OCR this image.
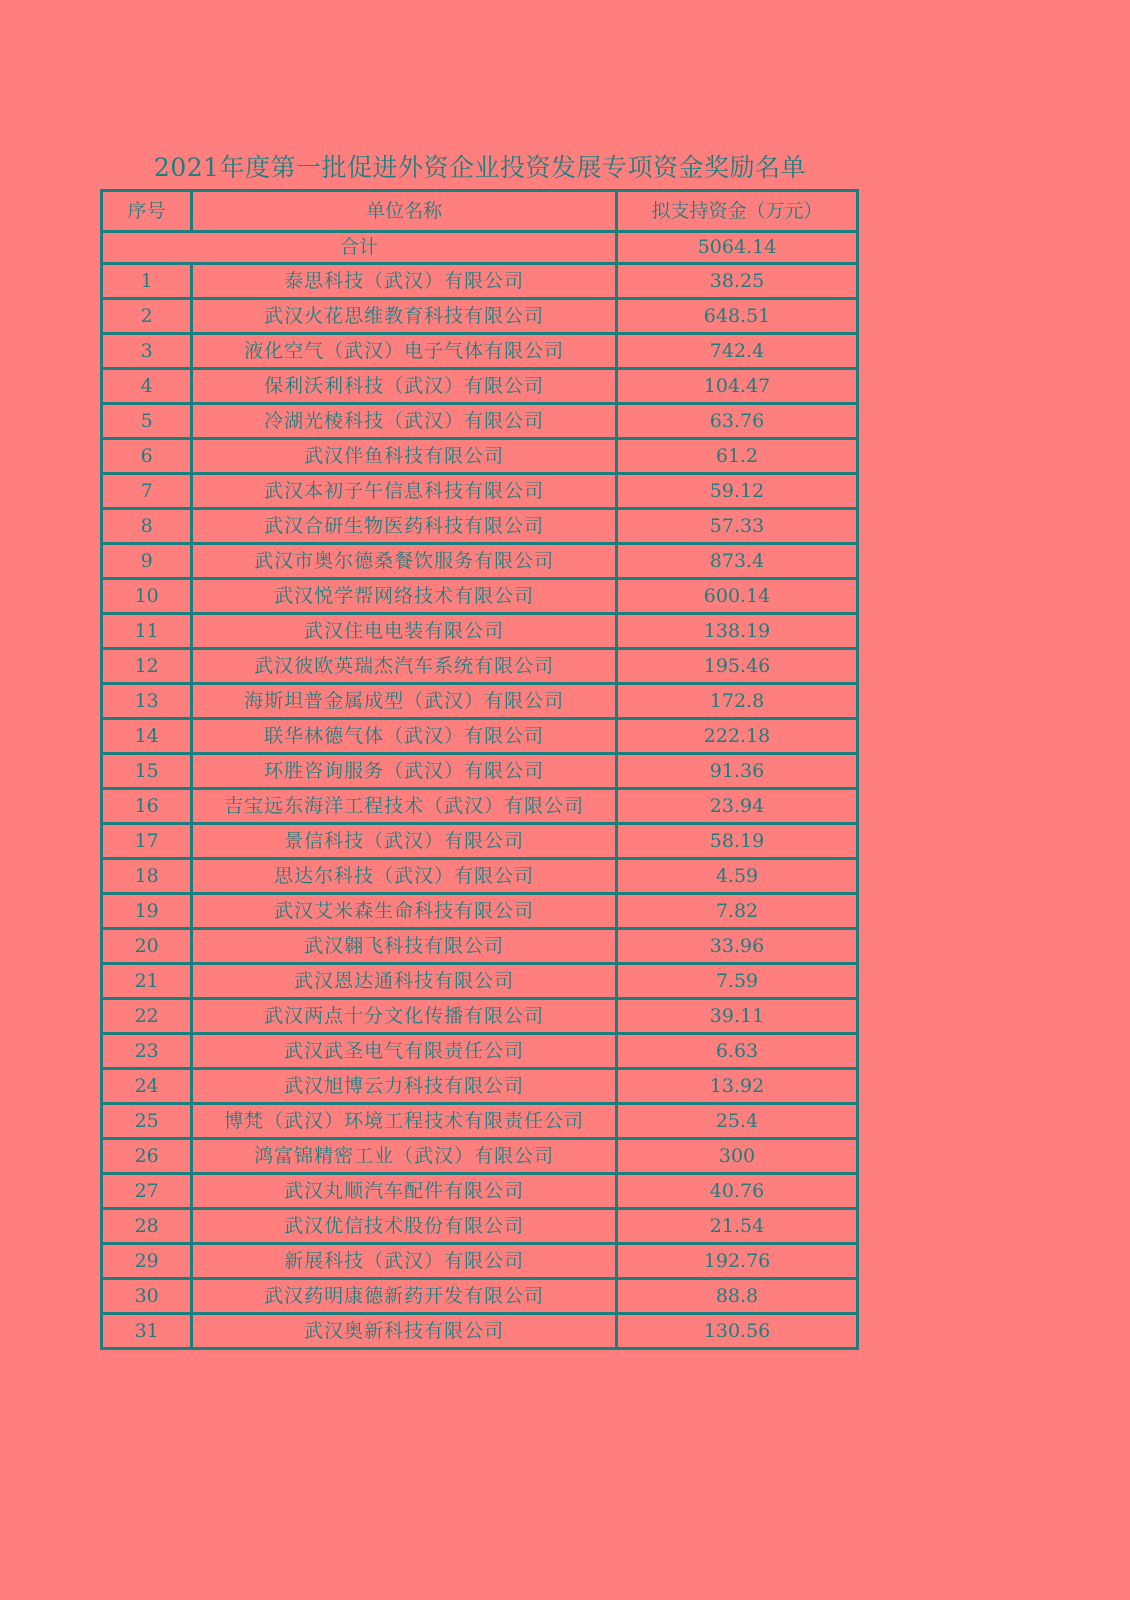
2021年度第一批促进外资企业投资发展专项资金奖励名单
序号	单位名称	拟支持资金（万元）
合计		5064.14
1	泰思科技（武汉）有限公司	38.25
2	武汉火花思维教育科技有限公司	648.51
3	液化空气（武汉）电子气体有限公司	742.4
4	保利沃利科技（武汉）有限公司	104.47
5	冷湖光棱科技（武汉）有限公司	63.76
6	武汉伴鱼科技有限公司	61.2
7	武汉本初子午信息科技有限公司	59.12
8	武汉合研生物医药科技有限公司	57.33
9	武汉市奥尔德桑餐饮服务有限公司	873.4
10	武汉悦学帮网络技术有限公司	600.14
11	武汉住电电装有限公司	138.19
12	武汉彼欧英瑞杰汽车系统有限公司	195.46
13	海斯坦普金属成型（武汉）有限公司	172.8
14	联华林德气体（武汉）有限公司	222.18
15	环胜咨询服务（武汉）有限公司	91.36
16	吉宝远东海洋工程技术（武汉）有限公司	23.94
17	景信科技（武汉）有限公司	58.19
18	思达尔科技（武汉）有限公司	4.59
19	武汉艾米森生命科技有限公司	7.82
20	武汉翱飞科技有限公司	33.96
21	武汉恩达通科技有限公司	7.59
22	武汉两点十分文化传播有限公司	39.11
23	武汉武圣电气有限责任公司	6.63
24	武汉旭博云力科技有限公司	13.92
25	博梵（武汉）环境工程技术有限责任公司	25.4
26	鸿富锦精密工业（武汉）有限公司	300
27	武汉丸顺汽车配件有限公司	40.76
28	武汉优信技术股份有限公司	21.54
29	新展科技（武汉）有限公司	192.76
30	武汉药明康德新药开发有限公司	88.8
31	武汉奥新科技有限公司	130.56
